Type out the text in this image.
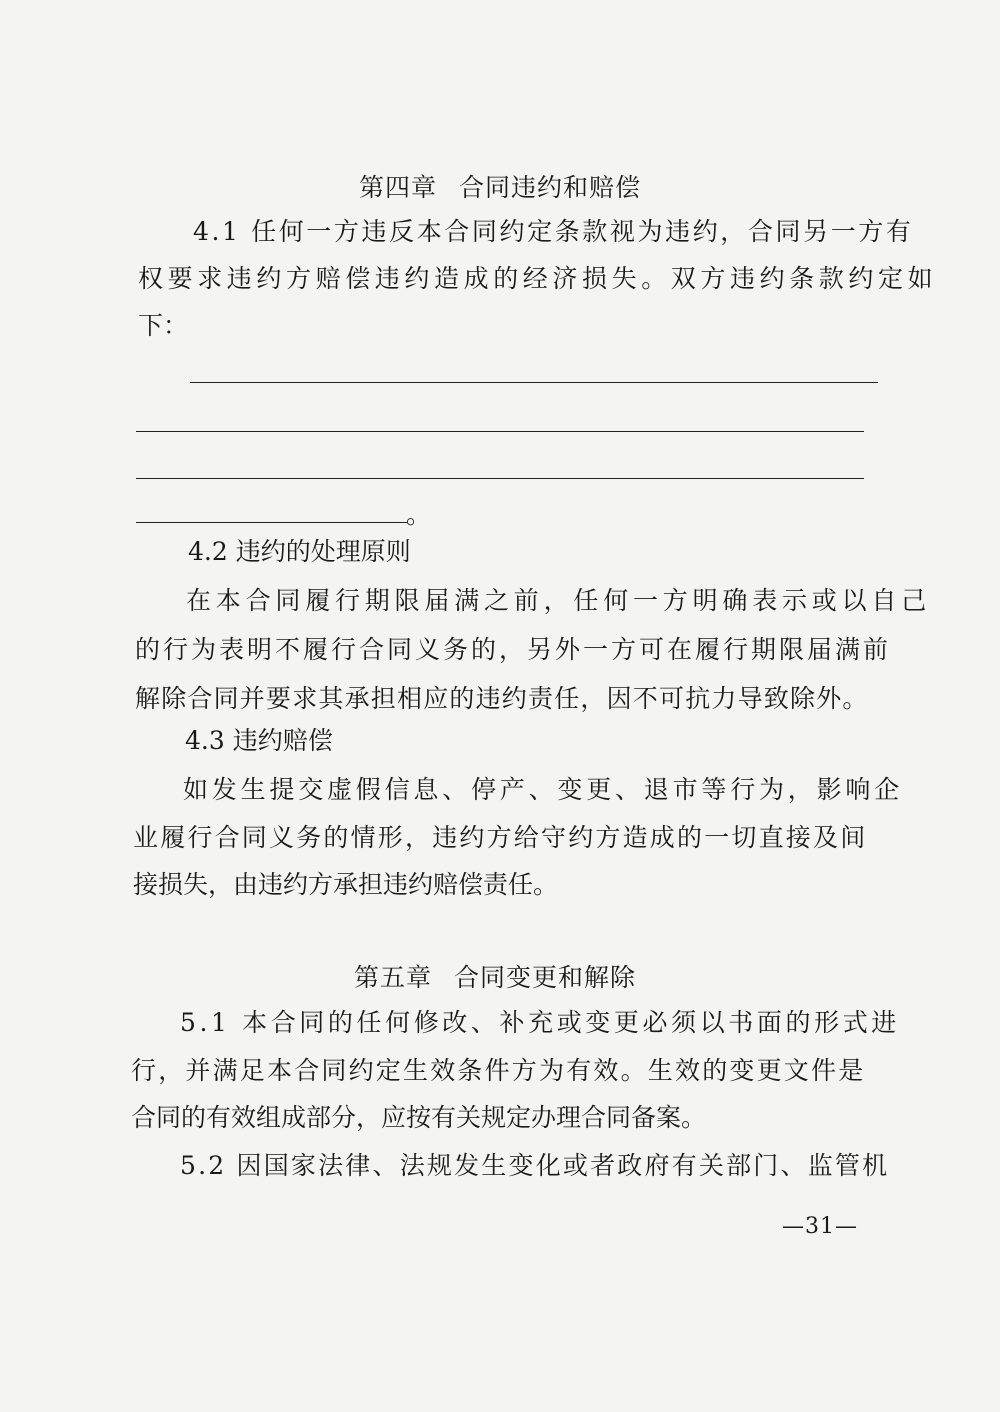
第四章 合同违约和赔偿
4.1 任何一方违反本合同约定条款视为违约，合同另一方有
权要求违约方赔偿违约造成的经济损失。双方违约条款约定如
下：
。
4.2 违约的处理原则
在本合同履行期限届满之前，任何一方明确表示或以自己
的行为表明不履行合同义务的，另外一方可在履行期限届满前
解除合同并要求其承担相应的违约责任，因不可抗力导致除外。
4.3 违约赔偿
如发生提交虚假信息、停产、变更、退市等行为，影响企
业履行合同义务的情形，违约方给守约方造成的一切直接及间
接损失，由违约方承担违约赔偿责任。
第五章 合同变更和解除
5.1 本合同的任何修改、补充或变更必须以书面的形式进
行，并满足本合同约定生效条件方为有效。生效的变更文件是
合同的有效组成部分，应按有关规定办理合同备案。
5.2 因国家法律、法规发生变化或者政府有关部门、监管机
—31—
